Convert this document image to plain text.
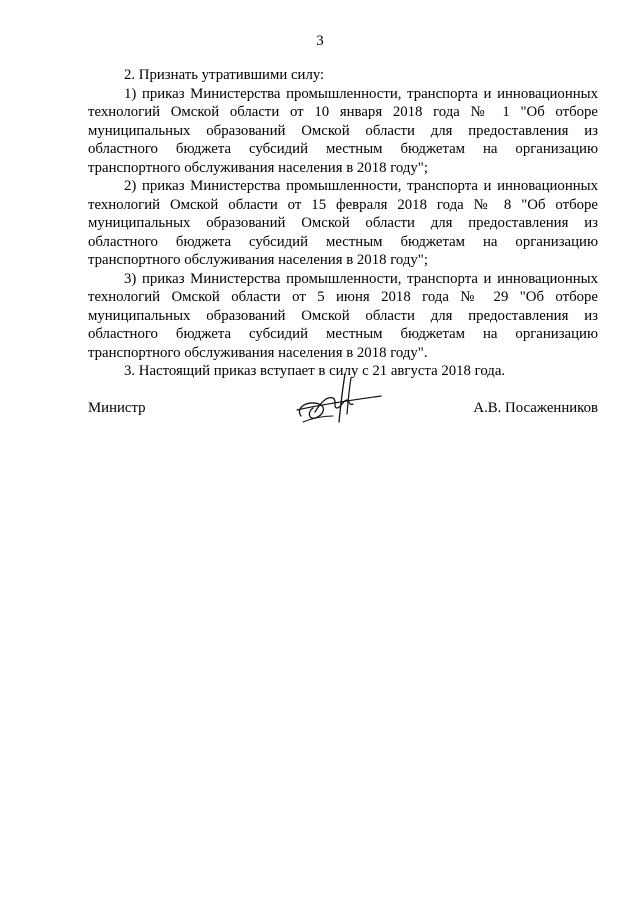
3

2. Признать утратившими силу:

1) приказ Министерства промышленности, транспорта и инновационных технологий Омской области от 10 января 2018 года № 1 "Об отборе муниципальных образований Омской области для предоставления из областного бюджета субсидий местным бюджетам на организацию транспортного обслуживания населения в 2018 году";

2) приказ Министерства промышленности, транспорта и инновационных технологий Омской области от 15 февраля 2018 года № 8 "Об отборе муниципальных образований Омской области для предоставления из областного бюджета субсидий местным бюджетам на организацию транспортного обслуживания населения в 2018 году";

3) приказ Министерства промышленности, транспорта и инновационных технологий Омской области от 5 июня 2018 года № 29 "Об отборе муниципальных образований Омской области для предоставления из областного бюджета субсидий местным бюджетам на организацию транспортного обслуживания населения в 2018 году".

3. Настоящий приказ вступает в силу с 21 августа 2018 года.

Министр	А.В. Посаженников
